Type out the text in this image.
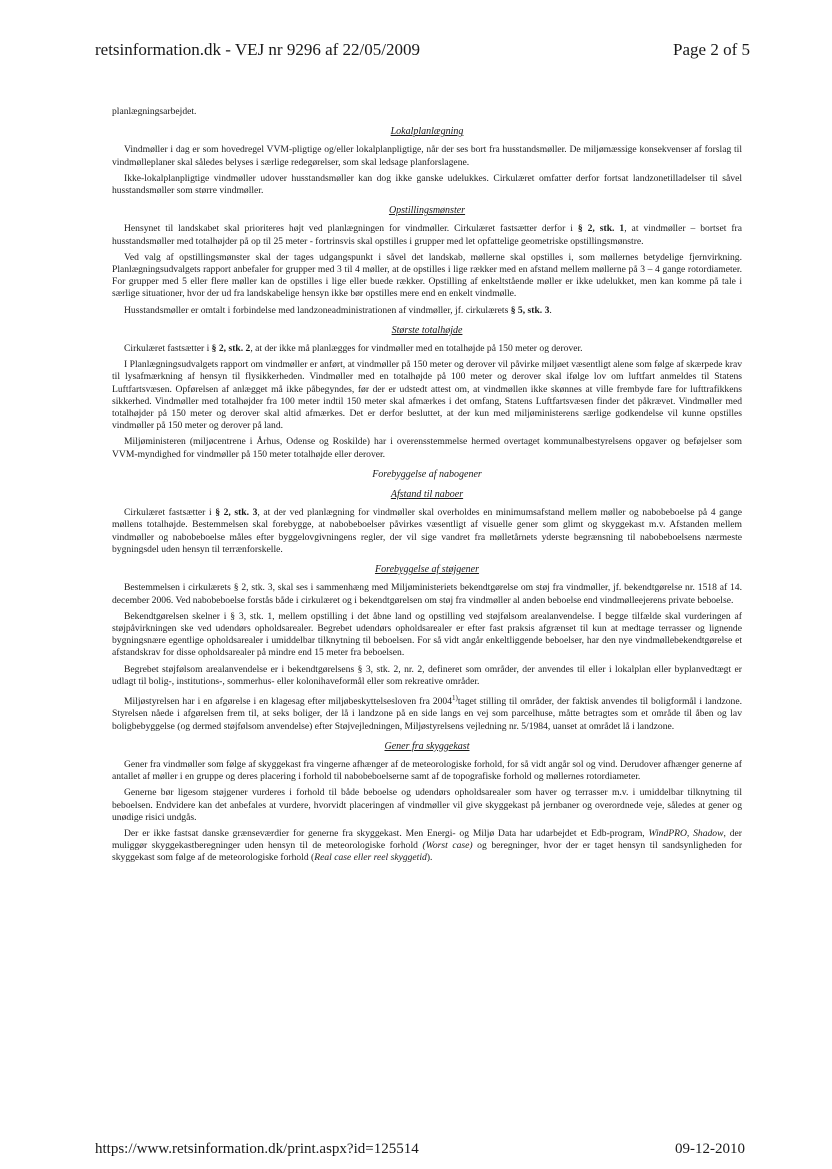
retsinformation.dk - VEJ nr 9296 af 22/05/2009	Page 2 of 5

planlægningsarbejdet.

Lokalplanlægning

Vindmøller i dag er som hovedregel VVM-pligtige og/eller lokalplanpligtige, når der ses bort fra husstandsmøller. De miljømæssige konsekvenser af forslag til vindmølleplaner skal således belyses i særlige redegørelser, som skal ledsage planforslagene.

Ikke-lokalplanpligtige vindmøller udover husstandsmøller kan dog ikke ganske udelukkes. Cirkulæret omfatter derfor fortsat landzonetilladelser til såvel husstandsmøller som større vindmøller.

Opstillingsmønster

Hensynet til landskabet skal prioriteres højt ved planlægningen for vindmøller. Cirkulæret fastsætter derfor i § 2, stk. 1, at vindmøller – bortset fra husstandsmøller med totalhøjder på op til 25 meter - fortrinsvis skal opstilles i grupper med let opfattelige geometriske opstillingsmønstre.

Ved valg af opstillingsmønster skal der tages udgangspunkt i såvel det landskab, møllerne skal opstilles i, som møllernes betydelige fjernvirkning. Planlægningsudvalgets rapport anbefaler for grupper med 3 til 4 møller, at de opstilles i lige rækker med en afstand mellem møllerne på 3 – 4 gange rotordiameter. For grupper med 5 eller flere møller kan de opstilles i lige eller buede rækker. Opstilling af enkeltstående møller er ikke udelukket, men kan komme på tale i særlige situationer, hvor der ud fra landskabelige hensyn ikke bør opstilles mere end en enkelt vindmølle.

Husstandsmøller er omtalt i forbindelse med landzoneadministrationen af vindmøller, jf. cirkulærets § 5, stk. 3.

Største totalhøjde

Cirkulæret fastsætter i § 2, stk. 2, at der ikke må planlægges for vindmøller med en totalhøjde på 150 meter og derover.

I Planlægningsudvalgets rapport om vindmøller er anført, at vindmøller på 150 meter og derover vil påvirke miljøet væsentligt alene som følge af skærpede krav til lysafmærkning af hensyn til flysikkerheden. Vindmøller med en totalhøjde på 100 meter og derover skal ifølge lov om luftfart anmeldes til Statens Luftfartsvæsen. Opførelsen af anlægget må ikke påbegyndes, før der er udstedt attest om, at vindmøllen ikke skønnes at ville frembyde fare for lufttrafikkens sikkerhed. Vindmøller med totalhøjder fra 100 meter indtil 150 meter skal afmærkes i det omfang, Statens Luftfartsvæsen finder det påkrævet. Vindmøller med totalhøjder på 150 meter og derover skal altid afmærkes. Det er derfor besluttet, at der kun med miljøministerens særlige godkendelse vil kunne opstilles vindmøller på 150 meter og derover på land.

Miljøministeren (miljøcentrene i Århus, Odense og Roskilde) har i overensstemmelse hermed overtaget kommunalbestyrelsens opgaver og beføjelser som VVM-myndighed for vindmøller på 150 meter totalhøjde eller derover.

Forebyggelse af nabogener
Afstand til naboer

Cirkulæret fastsætter i § 2, stk. 3, at der ved planlægning for vindmøller skal overholdes en minimumsafstand mellem møller og nabobeboelse på 4 gange møllens totalhøjde. Bestemmelsen skal forebygge, at nabobeboelser påvirkes væsentligt af visuelle gener som glimt og skyggekast m.v. Afstanden mellem vindmøller og nabobeboelse måles efter byggelovgivningens regler, der vil sige vandret fra mølletårnets yderste begrænsning til nabobeboelsens nærmeste bygningsdel uden hensyn til terrænforskelle.

Forebyggelse af støjgener

Bestemmelsen i cirkulærets § 2, stk. 3, skal ses i sammenhæng med Miljøministeriets bekendtgørelse om støj fra vindmøller, jf. bekendtgørelse nr. 1518 af 14. december 2006. Ved nabobeboelse forstås både i cirkulæret og i bekendtgørelsen om støj fra vindmøller al anden beboelse end vindmølleejerens private beboelse.

Bekendtgørelsen skelner i § 3, stk. 1, mellem opstilling i det åbne land og opstilling ved støjfølsom arealanvendelse. I begge tilfælde skal vurderingen af støjpåvirkningen ske ved udendørs opholdsarealer. Begrebet udendørs opholdsarealer er efter fast praksis afgrænset til kun at medtage terrasser og lignende bygningsnære egentlige opholdsarealer i umiddelbar tilknytning til beboelsen. For så vidt angår enkeltliggende beboelser, har den nye vindmøllebekendtgørelse et afstandskrav for disse opholdsarealer på mindre end 15 meter fra beboelsen.

Begrebet støjfølsom arealanvendelse er i bekendtgørelsens § 3, stk. 2, nr. 2, defineret som områder, der anvendes til eller i lokalplan eller byplanvedtægt er udlagt til bolig-, institutions-, sommerhus- eller kolonihaveformål eller som rekreative områder.

Miljøstyrelsen har i en afgørelse i en klagesag efter miljøbeskyttelsesloven fra 2004$^{1)}$taget stilling til områder, der faktisk anvendes til boligformål i landzone. Styrelsen nåede i afgørelsen frem til, at seks boliger, der lå i landzone på en side langs en vej som parcelhuse, måtte betragtes som et område til åben og lav boligbebyggelse (og dermed støjfølsom anvendelse) efter Støjvejledningen, Miljøstyrelsens vejledning nr. 5/1984, uanset at området lå i landzone.

Gener fra skyggekast

Gener fra vindmøller som følge af skyggekast fra vingerne afhænger af de meteorologiske forhold, for så vidt angår sol og vind. Derudover afhænger generne af antallet af møller i en gruppe og deres placering i forhold til nabobeboelserne samt af de topografiske forhold og møllernes rotordiameter.

Generne bør ligesom støjgener vurderes i forhold til både beboelse og udendørs opholdsarealer som haver og terrasser m.v. i umiddelbar tilknytning til beboelsen. Endvidere kan det anbefales at vurdere, hvorvidt placeringen af vindmøller vil give skyggekast på jernbaner og overordnede veje, således at gener og unødige risici undgås.

Der er ikke fastsat danske grænseværdier for generne fra skyggekast. Men Energi- og Miljø Data har udarbejdet et Edb-program, WindPRO, Shadow, der muliggør skyggekastberegninger uden hensyn til de meteorologiske forhold (Worst case) og beregninger, hvor der er taget hensyn til sandsynligheden for skyggekast som følge af de meteorologiske forhold (Real case eller reel skyggetid).

https://www.retsinformation.dk/print.aspx?id=125514	09-12-2010
